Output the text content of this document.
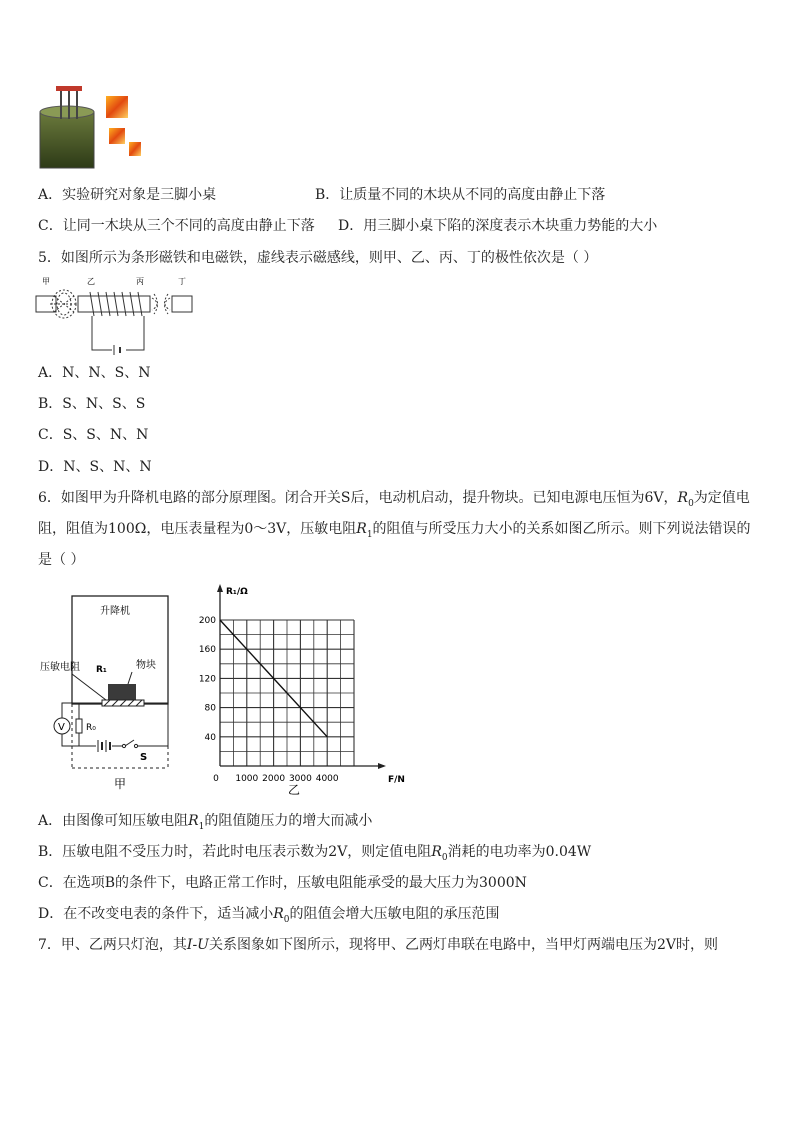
A．实验研究对象是三脚小桌	B．让质量不同的木块从不同的高度由静止下落
C．让同一木块从三个不同的高度由静止下落 D．用三脚小桌下陷的深度表示木块重力势能的大小
5．如图所示为条形磁铁和电磁铁，虚线表示磁感线，则甲、乙、丙、丁的极性依次是（ ）
甲	乙	丙	丁
A．N、N、S、N
B．S、N、S、S
C．S、S、N、N
D．N、S、N、N
6．如图甲为升降机电路的部分原理图。闭合开关S后，电动机启动，提升物块。已知电源电压恒为6V，$R_0$为定值电
阻，阻值为100Ω，电压表量程为0～3V，压敏电阻$R_1$的阻值与所受压力大小的关系如图乙所示。则下列说法错误的
是（ ）
升降机
压敏电阻 R₁	物块
V R₀
S
甲
40
80
120
160
200
1000 2000 3000 4000
0
R₁/Ω
F/N
乙
A．由图像可知压敏电阻$R_1$的阻值随压力的增大而减小
B．压敏电阻不受压力时，若此时电压表示数为2V，则定值电阻$R_0$消耗的电功率为0.04W
C．在选项B的条件下，电路正常工作时，压敏电阻能承受的最大压力为3000N
D．在不改变电表的条件下，适当减小$R_0$的阻值会增大压敏电阻的承压范围
7．甲、乙两只灯泡，其I-U关系图象如下图所示，现将甲、乙两灯串联在电路中，当甲灯两端电压为2V时，则
